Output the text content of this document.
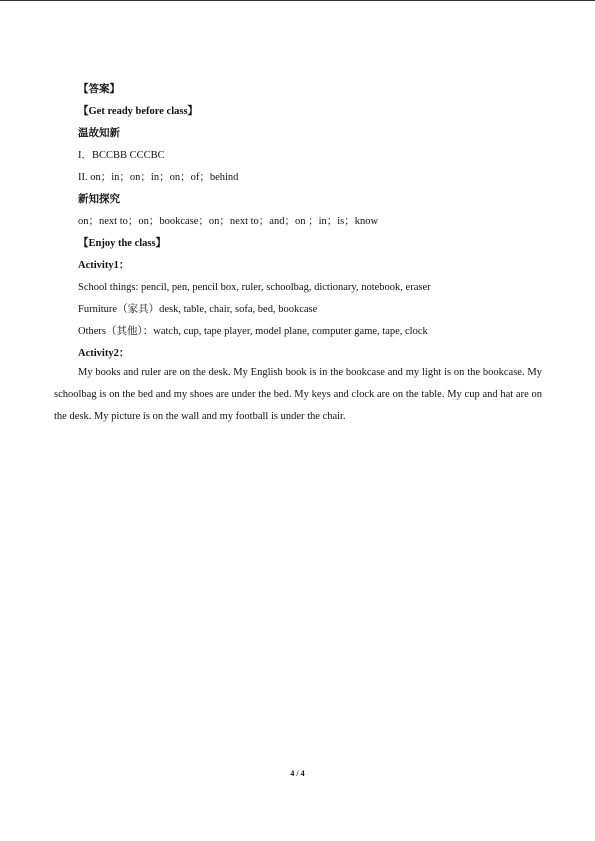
【答案】
【Get ready before class】
温故知新
I．BCCBB CCCBC
II. on；in；on；in；on；of；behind
新知探究
on；next to；on；bookcase；on；next to；and；on ；in；is；know
【Enjoy the class】
Activity1：
School things: pencil, pen, pencil box, ruler, schoolbag, dictionary, notebook, eraser
Furniture（家具）desk, table, chair, sofa, bed, bookcase
Others（其他）：watch, cup, tape player, model plane, computer game, tape, clock
Activity2：
My books and ruler are on the desk. My English book is in the bookcase and my light is on the bookcase. My schoolbag is on the bed and my shoes are under the bed. My keys and clock are on the table. My cup and hat are on the desk. My picture is on the wall and my football is under the chair.
4 / 4
